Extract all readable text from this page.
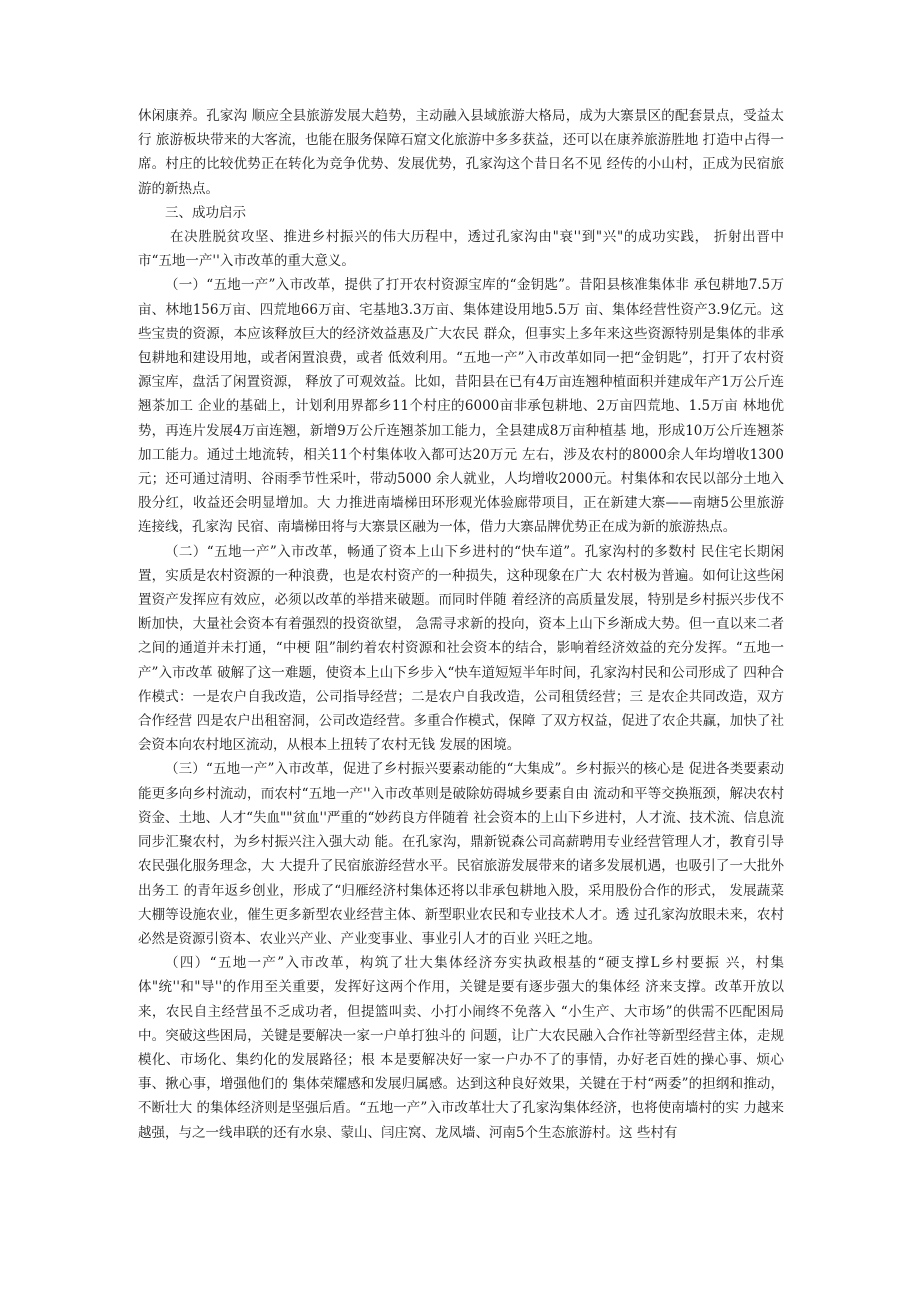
休闲康养。孔家沟 顺应全县旅游发展大趋势，主动融入县域旅游大格局，成为大寨景区的配套景点，受益太行 旅游板块带来的大客流，也能在服务保障石窟文化旅游中多多获益，还可以在康养旅游胜地 打造中占得一席。村庄的比较优势正在转化为竞争优势、发展优势，孔家沟这个昔日名不见 经传的小山村，正成为民宿旅游的新热点。

三、成功启示

在决胜脱贫攻坚、推进乡村振兴的伟大历程中，透过孔家沟由"衰''到"兴"的成功实践， 折射出晋中市“五地一产''入市改革的重大意义。

（一）“五地一产”入市改革，提供了打开农村资源宝库的“金钥匙”。昔阳县核准集体非 承包耕地7.5万亩、林地156万亩、四荒地66万亩、宅基地3.3万亩、集体建设用地5.5万 亩、集体经营性资产3.9亿元。这些宝贵的资源，本应该释放巨大的经济效益惠及广大农民 群众，但事实上多年来这些资源特别是集体的非承包耕地和建设用地，或者闲置浪费，或者 低效利用。“五地一产”入市改革如同一把“金钥匙”，打开了农村资源宝库，盘活了闲置资源， 释放了可观效益。比如，昔阳县在已有4万亩连翘种植面积并建成年产1万公斤连翘茶加工 企业的基础上，计划利用界都乡11个村庄的6000亩非承包耕地、2万亩四荒地、1.5万亩 林地优势，再连片发展4万亩连翘，新增9万公斤连翘茶加工能力，全县建成8万亩种植基 地，形成10万公斤连翘茶加工能力。通过土地流转，相关11个村集体收入都可达20万元 左右，涉及农村的8000余人年均增收1300元；还可通过清明、谷雨季节性采叶，带动5000 余人就业，人均增收2000元。村集体和农民以部分土地入股分红，收益还会明显增加。大 力推进南墙梯田环形观光体验廊带项目，正在新建大寨——南塘5公里旅游连接线，孔家沟 民宿、南墙梯田将与大寨景区融为一体，借力大寨品牌优势正在成为新的旅游热点。

（二）“五地一产”入市改革，畅通了资本上山下乡进村的“快车道”。孔家沟村的多数村 民住宅长期闲置，实质是农村资源的一种浪费，也是农村资产的一种损失，这种现象在广大 农村极为普遍。如何让这些闲置资产发挥应有效应，必须以改革的举措来破题。而同时伴随 着经济的高质量发展，特别是乡村振兴步伐不断加快，大量社会资本有着强烈的投资欲望， 急需寻求新的投向，资本上山下乡渐成大势。但一直以来二者之间的通道并未打通，“中梗 阻”制约着农村资源和社会资本的结合，影响着经济效益的充分发挥。“五地一产”入市改革 破解了这一难题，使资本上山下乡步入“快车道短短半年时间，孔家沟村民和公司形成了 四种合作模式：一是农户自我改造，公司指导经营；二是农户自我改造，公司租赁经营；三 是农企共同改造，双方合作经营 四是农户出租窑洞，公司改造经营。多重合作模式，保障 了双方权益，促进了农企共赢，加快了社会资本向农村地区流动，从根本上扭转了农村无钱 发展的困境。

（三）“五地一产”入市改革，促进了乡村振兴要素动能的“大集成”。乡村振兴的核心是 促进各类要素动能更多向乡村流动，而农村“五地一产''入市改革则是破除妨碍城乡要素自由 流动和平等交换瓶颈，解决农村资金、土地、人才“失血""贫血''严重的“妙药良方伴随着 社会资本的上山下乡进村，人才流、技术流、信息流同步汇聚农村，为乡村振兴注入强大动 能。在孔家沟，鼎新锐森公司高薪聘用专业经营管理人才，教育引导农民强化服务理念，大 大提升了民宿旅游经营水平。民宿旅游发展带来的诸多发展机遇，也吸引了一大批外出务工 的青年返乡创业，形成了“归雁经济村集体还将以非承包耕地入股，采用股份合作的形式， 发展蔬菜大棚等设施农业，催生更多新型农业经营主体、新型职业农民和专业技术人才。透 过孔家沟放眼未来，农村必然是资源引资本、农业兴产业、产业变事业、事业引人才的百业 兴旺之地。

（四）“五地一产”入市改革，构筑了壮大集体经济夯实执政根基的“硬支撑L乡村要振 兴，村集体"统''和"导''的作用至关重要，发挥好这两个作用，关键是要有逐步强大的集体经 济来支撑。改革开放以来，农民自主经营虽不乏成功者，但提篮叫卖、小打小闹终不免落入 “小生产、大市场”的供需不匹配困局中。突破这些困局，关键是要解决一家一户单打独斗的 问题，让广大农民融入合作社等新型经营主体，走规模化、市场化、集约化的发展路径；根 本是要解决好一家一户办不了的事情，办好老百姓的操心事、烦心事、揪心事，增强他们的 集体荣耀感和发展归属感。达到这种良好效果，关键在于村“两委”的担纲和推动，不断壮大 的集体经济则是坚强后盾。“五地一产”入市改革壮大了孔家沟集体经济，也将使南墙村的实 力越来越强，与之一线串联的还有水泉、蒙山、闫庄窝、龙凤墙、河南5个生态旅游村。这 些村有
